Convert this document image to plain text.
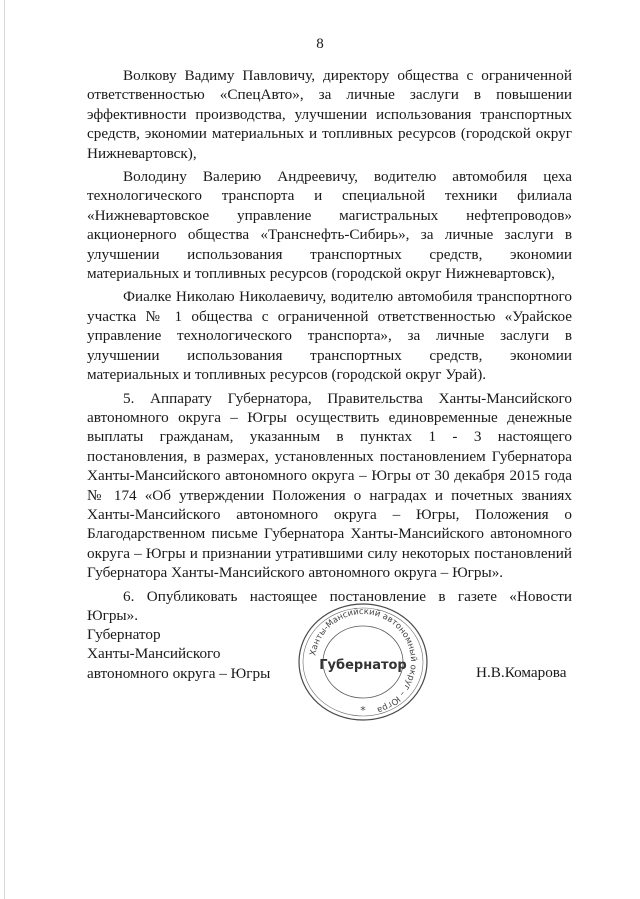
8

Волкову Вадиму Павловичу, директору общества с ограниченной ответственностью «СпецАвто», за личные заслуги в повышении эффективности производства, улучшении использования транспортных средств, экономии материальных и топливных ресурсов (городской округ Нижневартовск),

Володину Валерию Андреевичу, водителю автомобиля цеха технологического транспорта и специальной техники филиала «Нижневартовское управление магистральных нефтепроводов» акционерного общества «Транснефть-Сибирь», за личные заслуги в улучшении использования транспортных средств, экономии материальных и топливных ресурсов (городской округ Нижневартовск),

Фиалке Николаю Николаевичу, водителю автомобиля транспортного участка № 1 общества с ограниченной ответственностью «Урайское управление технологического транспорта», за личные заслуги в улучшении использования транспортных средств, экономии материальных и топливных ресурсов (городской округ Урай).

5. Аппарату Губернатора, Правительства Ханты-Мансийского автономного округа – Югры осуществить единовременные денежные выплаты гражданам, указанным в пунктах 1 - 3 настоящего постановления, в размерах, установленных постановлением Губернатора Ханты-Мансийского автономного округа – Югры от 30 декабря 2015 года № 174 «Об утверждении Положения о наградах и почетных званиях Ханты-Мансийского автономного округа – Югры, Положения о Благодарственном письме Губернатора Ханты-Мансийского автономного округа – Югры и признании утратившими силу некоторых постановлений Губернатора Ханты-Мансийского автономного округа – Югры».

6. Опубликовать настоящее постановление в газете «Новости Югры».

Губернатор
Ханты-Мансийского
автономного округа – Югры	Н.В.Комарова
Ханты-Мансийский автономный округ – Югра
Губернатор
*
